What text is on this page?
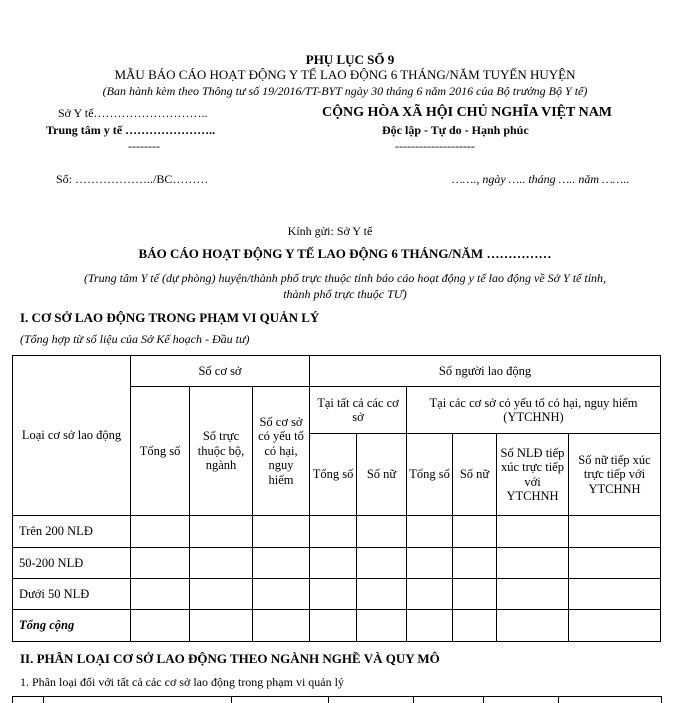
PHỤ LỤC SỐ 9
MẪU BÁO CÁO HOẠT ĐỘNG Y TẾ LAO ĐỘNG 6 THÁNG/NĂM TUYẾN HUYỆN
(Ban hành kèm theo Thông tư số 19/2016/TT-BYT ngày 30 tháng 6 năm 2016 của Bộ trưởng Bộ Y tế)
Sở Y tế………………………..
Trung tâm y tế …………………..
--------
CỘNG HÒA XÃ HỘI CHỦ NGHĨA VIỆT NAM
Độc lập - Tự do - Hạnh phúc
--------------------
Số: ………………../BC………	……., ngày ….. tháng ….. năm ……..
Kính gửi: Sở Y tế
BÁO CÁO HOẠT ĐỘNG Y TẾ LAO ĐỘNG 6 THÁNG/NĂM ……………
(Trung tâm Y tế (dự phòng) huyện/thành phố trực thuộc tỉnh báo cáo hoạt động y tế lao động về Sở Y tế tỉnh,
thành phố trực thuộc TƯ)
I. CƠ SỞ LAO ĐỘNG TRONG PHẠM VI QUẢN LÝ
(Tổng hợp từ số liệu của Sở Kế hoạch - Đầu tư)
Loại cơ sở lao động	Số cơ sở			Số người lao động					
	Tổng số	Số trực thuộc bộ, ngành	Số cơ sở có yếu tố có hại, nguy hiểm	Tại tất cả các cơ sở		Tại các cơ sở có yếu tố có hại, nguy hiểm (YTCHNH)			
				Tổng số	Số nữ	Tổng số	Số nữ	Số NLĐ tiếp xúc trực tiếp với YTCHNH	Số nữ tiếp xúc trực tiếp với YTCHNH
Trên 200 NLĐ									
50-200 NLĐ									
Dưới 50 NLĐ									
Tổng cộng									
II. PHÂN LOẠI CƠ SỞ LAO ĐỘNG THEO NGÀNH NGHỀ VÀ QUY MÔ
1. Phân loại đối với tất cả các cơ sở lao động trong phạm vi quản lý
